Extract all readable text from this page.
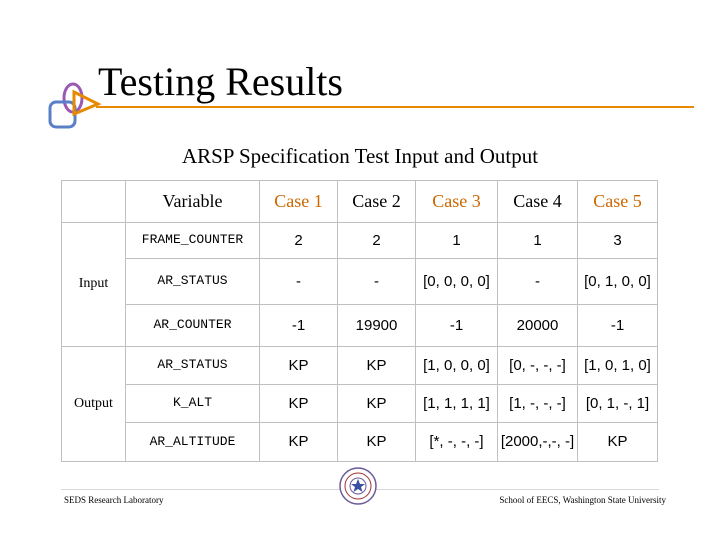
Testing Results
ARSP Specification Test Input and Output
	Variable	Case 1	Case 2	Case 3	Case 4	Case 5
Input	FRAME_COUNTER	2	2	1	1	3
	AR_STATUS	-	-	[0, 0, 0, 0]	-	[0, 1, 0, 0]
	AR_COUNTER	-1	19900	-1	20000	-1
Output	AR_STATUS	KP	KP	[1, 0, 0, 0]	[0, -, -, -]	[1, 0, 1, 0]
	K_ALT	KP	KP	[1, 1, 1, 1]	[1, -, -, -]	[0, 1, -, 1]
	AR_ALTITUDE	KP	KP	[*, -, -, -]	[2000,-,-, -]	KP
SEDS Research Laboratory	School of EECS, Washington State University
